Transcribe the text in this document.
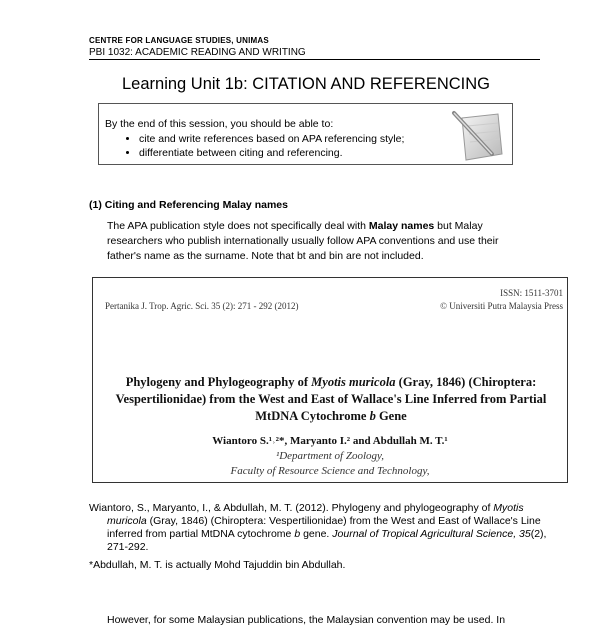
CENTRE FOR LANGUAGE STUDIES, UNIMAS
PBI 1032: ACADEMIC READING AND WRITING
Learning Unit 1b: CITATION AND REFERENCING
By the end of this session, you should be able to:
• cite and write references based on APA referencing style;
• differentiate between citing and referencing.
(1) Citing and Referencing Malay names
The APA publication style does not specifically deal with Malay names but Malay researchers who publish internationally usually follow APA conventions and use their father's name as the surname. Note that bt and bin are not included.
ISSN: 1511-3701
Pertanika J. Trop. Agric. Sci. 35 (2): 271 - 292 (2012)	© Universiti Putra Malaysia Press
Phylogeny and Phylogeography of Myotis muricola (Gray, 1846) (Chiroptera: Vespertilionidae) from the West and East of Wallace's Line Inferred from Partial MtDNA Cytochrome b Gene
Wiantoro S.¹˒²*, Maryanto I.² and Abdullah M. T.¹
¹Department of Zoology,
Faculty of Resource Science and Technology,
Wiantoro, S., Maryanto, I., & Abdullah, M. T. (2012). Phylogeny and phylogeography of Myotis muricola (Gray, 1846) (Chiroptera: Vespertilionidae) from the West and East of Wallace's Line inferred from partial MtDNA cytochrome b gene. Journal of Tropical Agricultural Science, 35(2), 271-292.
*Abdullah, M. T. is actually Mohd Tajuddin bin Abdullah.
However, for some Malaysian publications, the Malaysian convention may be used. In
